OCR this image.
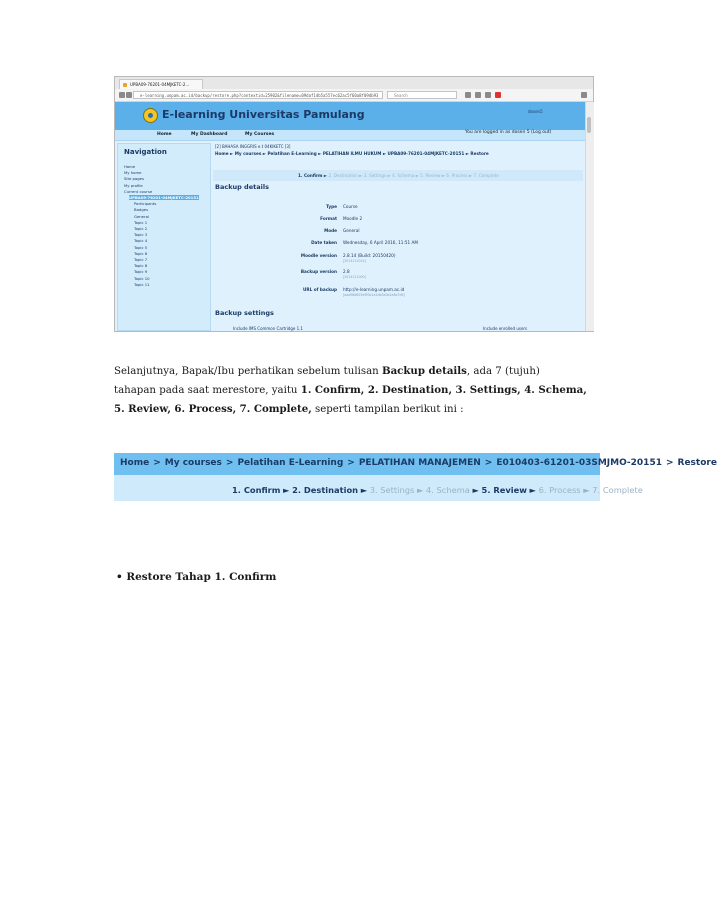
UPBA09-76201-04MJKETC-2...
e-learning.unpam.ac.id/backup/restore.php?contextid=25902&filename=09daf14b5a557ec62ac5f60a8f09db93	Search
E-learning Universitas Pamulang	dosen5
Home	My Dashboard	My Courses	You are logged in as dosen 5 (Log out)
Navigation
Home
My home
Site pages
My profile
Current course
UPBA09-76201-04MJKETC-20151
Participants
Badges
General
Topic 1
Topic 2
Topic 3
Topic 4
Topic 5
Topic 6
Topic 7
Topic 8
Topic 9
Topic 10
Topic 11
[2] BAHASA INGGRIS e.t 04KIKETC [3]
Home ► My courses ► Pelatihan E-Learning ► PELATIHAN ILMU HUKUM ► UPBA09-76201-04MJKETC-20151 ► Restore
1. Confirm ► 2. Destination ► 3. Settings ► 4. Schema ► 5. Review ► 6. Process ► 7. Complete
Backup details
Type Course
Format Moodle 2
Mode General
Date taken Wednesday, 6 April 2016, 11:51 AM
Moodle version 2.8.14 (Build: 20150420)
[2014111014]
Backup version 2.8
[2014111000]
URL of backup http://e-learning.unpam.ac.id
[aaa98d603e9f0b1a1db3e0b1e8a7d9]
Backup settings
Include IMS Common Cartridge 1.1	Include enrolled users
Selanjutnya, Bapak/Ibu perhatikan sebelum tulisan Backup details, ada 7 (tujuh)
tahapan pada saat merestore, yaitu 1. Confirm, 2. Destination, 3. Settings, 4. Schema,
5. Review, 6. Process, 7. Complete, seperti tampilan berikut ini :
Home > My courses > Pelatihan E-Learning > PELATIHAN MANAJEMEN > E010403-61201-03SMJMO-20151 > Restore
1. Confirm ► 2. Destination ► 3. Settings ► 4. Schema ► 5. Review ► 6. Process ► 7. Complete
• Restore Tahap 1. Confirm
